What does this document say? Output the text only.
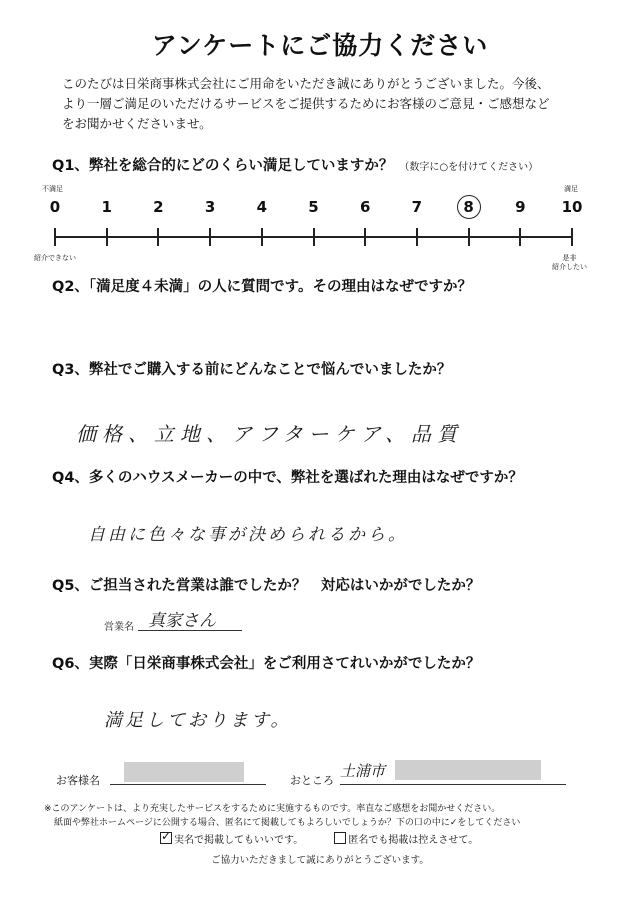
アンケートにご協力ください
このたびは日栄商事株式会社にご用命をいただき誠にありがとうございました。今後、
より一層ご満足のいただけるサービスをご提供するためにお客様のご意見・ご感想など
をお聞かせくださいませ。
Q1、弊社を総合的にどのくらい満足していますか？ （数字に○を付けてください）
不満足	満足
0	1	2	3	4	5	6	7	8	9	10
紹介できない	是非
紹介したい
Q2、「満足度４未満」の人に質問です。その理由はなぜですか？
Q3、弊社でご購入する前にどんなことで悩んでいましたか？
価格、立地、アフターケア、品質
Q4、多くのハウスメーカーの中で、弊社を選ばれた理由はなぜですか？
自由に色々な事が決められるから。
Q5、ご担当された営業は誰でしたか？　対応はいかがでしたか？
営業名 真家さん
Q6、実際「日栄商事株式会社」をご利用さてれいかがでしたか？
満足しております。
お客様名	おところ
土浦市
※このアンケートは、より充実したサービスをするために実施するものです。率直なご感想をお聞かせください。
紙面や弊社ホームページに公開する場合、匿名にて掲載してもよろしいでしょうか？下の口の中に✓をしてください
✓実名で掲載してもいいです。	匿名でも掲載は控えさせて。
ご協力いただきまして誠にありがとうございます。
